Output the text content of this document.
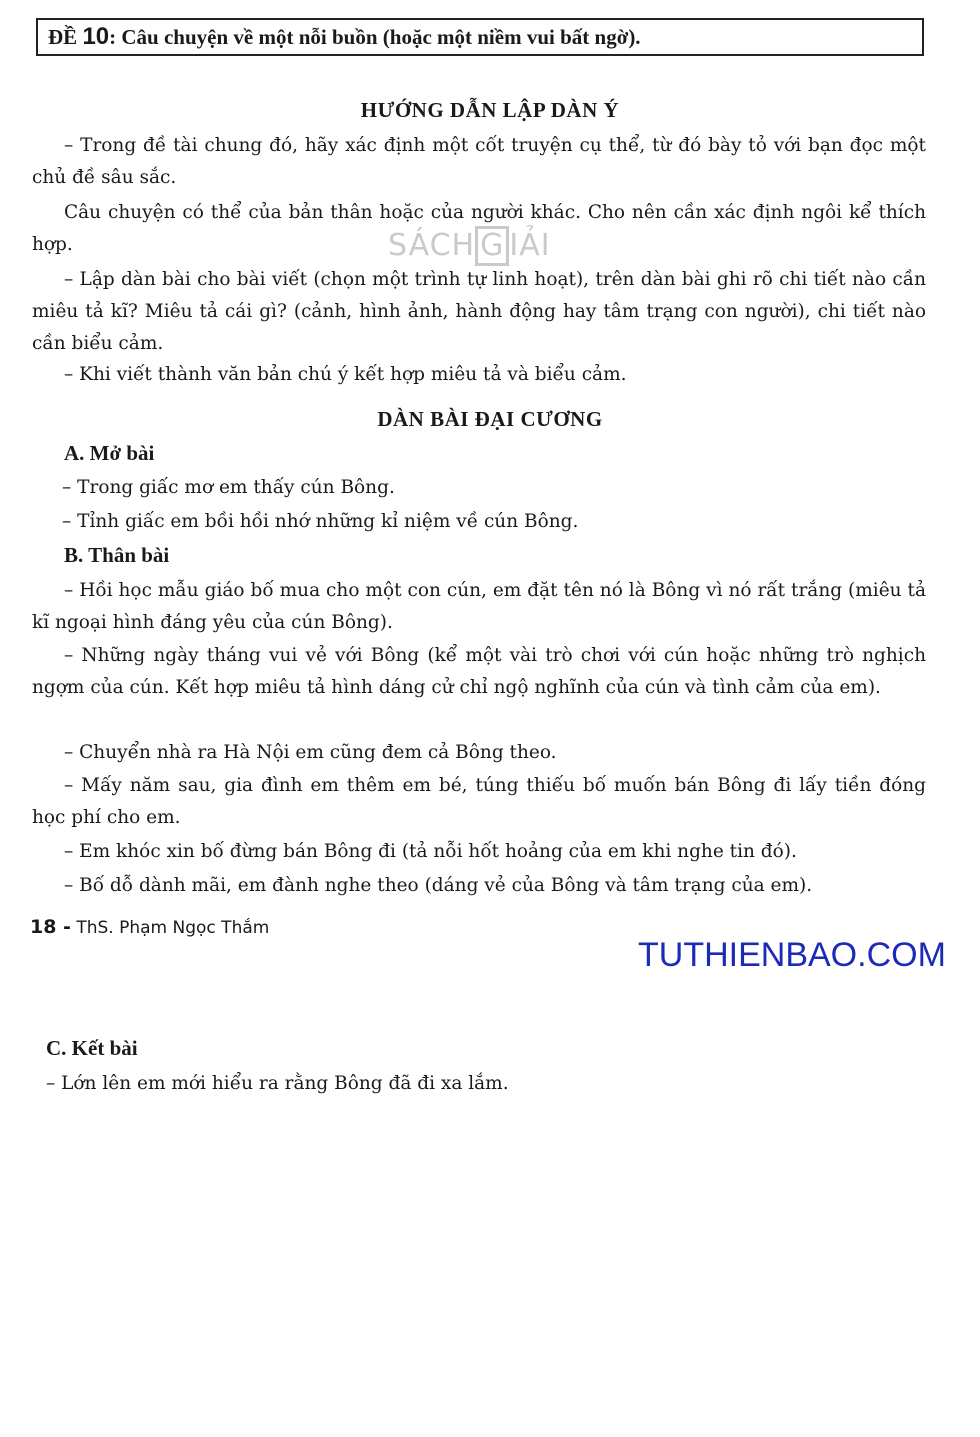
ĐỀ 10: Câu chuyện về một nỗi buồn (hoặc một niềm vui bất ngờ).
HƯỚNG DẪN LẬP DÀN Ý

– Trong đề tài chung đó, hãy xác định một cốt truyện cụ thể, từ đó bày tỏ với bạn đọc một chủ đề sâu sắc.

Câu chuyện có thể của bản thân hoặc của người khác. Cho nên cần xác định ngôi kể thích hợp.

– Lập dàn bài cho bài viết (chọn một trình tự linh hoạt), trên dàn bài ghi rõ chi tiết nào cần miêu tả kĩ? Miêu tả cái gì? (cảnh, hình ảnh, hành động hay tâm trạng con người), chi tiết nào cần biểu cảm.

– Khi viết thành văn bản chú ý kết hợp miêu tả và biểu cảm.

SÁCH G IẢI
DÀN BÀI ĐẠI CƯƠNG
A. Mở bài
– Trong giấc mơ em thấy cún Bông.
– Tỉnh giấc em bồi hồi nhớ những kỉ niệm về cún Bông.
B. Thân bài

– Hồi học mẫu giáo bố mua cho một con cún, em đặt tên nó là Bông vì nó rất trắng (miêu tả kĩ ngoại hình đáng yêu của cún Bông).

– Những ngày tháng vui vẻ với Bông (kể một vài trò chơi với cún hoặc những trò nghịch ngợm của cún. Kết hợp miêu tả hình dáng cử chỉ ngộ nghĩnh của cún và tình cảm của em).

– Chuyển nhà ra Hà Nội em cũng đem cả Bông theo.

– Mấy năm sau, gia đình em thêm em bé, túng thiếu bố muốn bán Bông đi lấy tiền đóng học phí cho em.

– Em khóc xin bố đừng bán Bông đi (tả nỗi hốt hoảng của em khi nghe tin đó).

– Bố dỗ dành mãi, em đành nghe theo (dáng vẻ của Bông và tâm trạng của em).

18 - ThS. Phạm Ngọc Thắm
TUTHIENBAO.COM
C. Kết bài
– Lớn lên em mới hiểu ra rằng Bông đã đi xa lắm.
